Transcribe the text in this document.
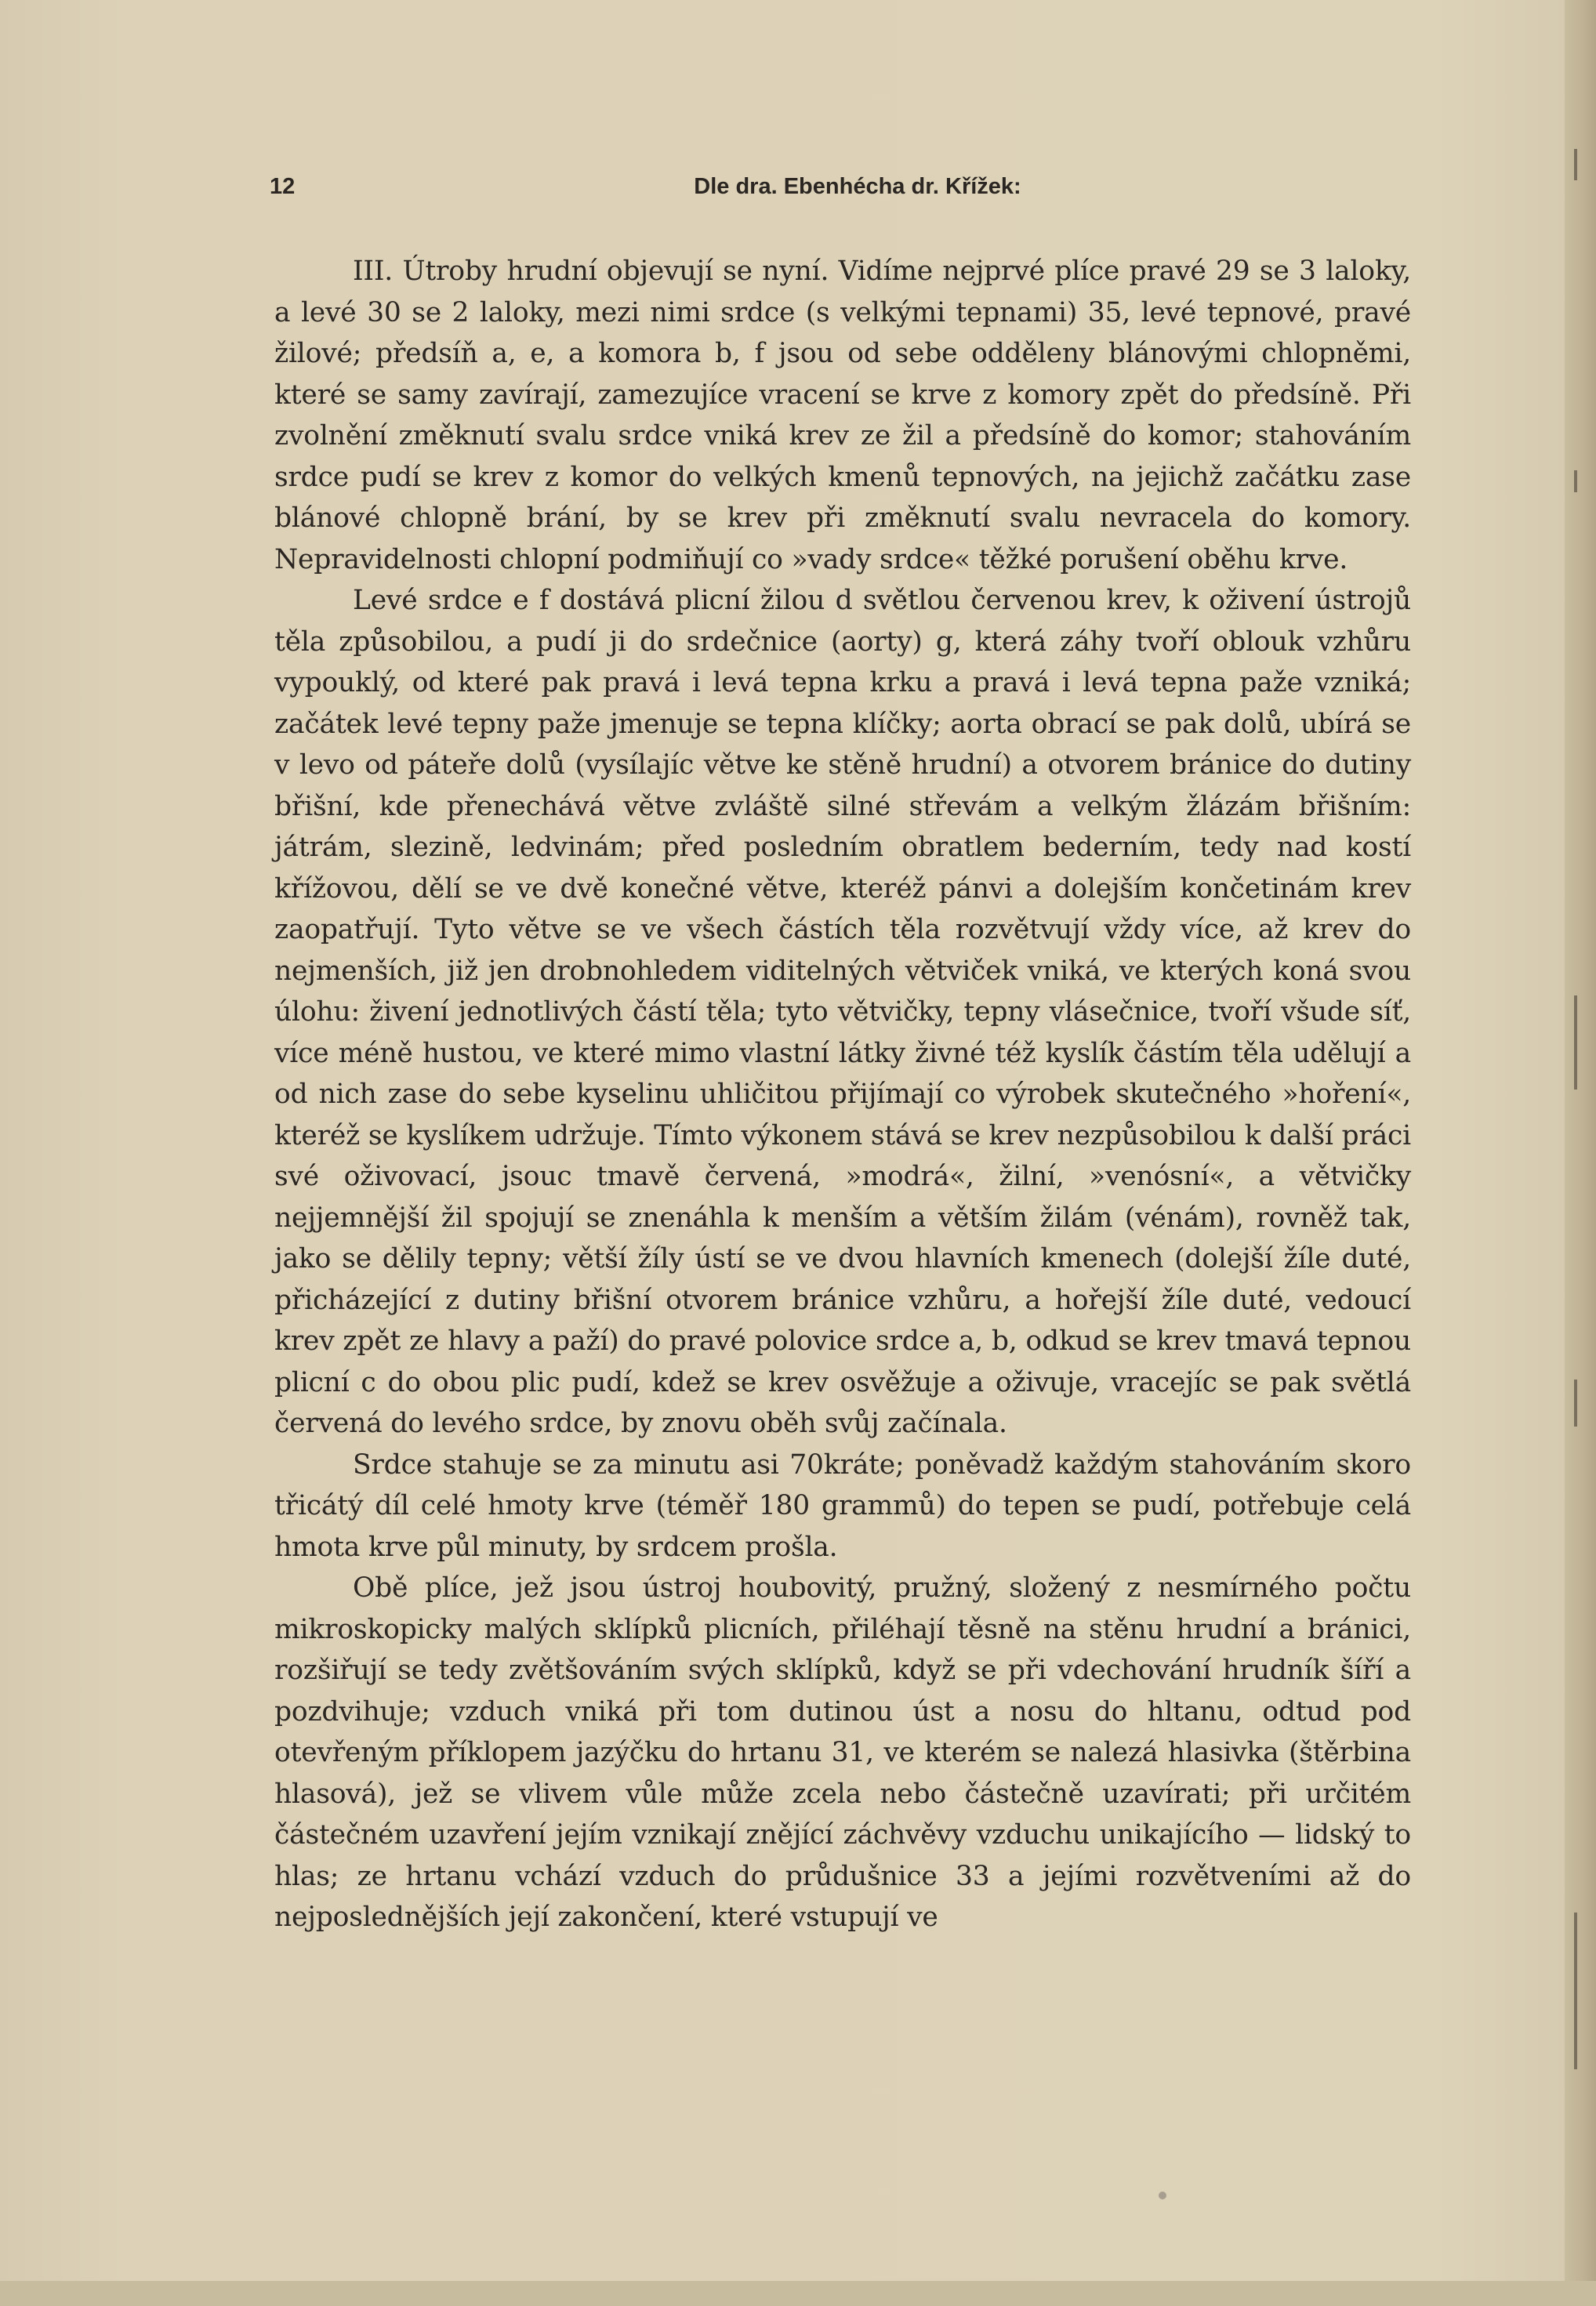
12	Dle dra. Ebenhécha dr. Křížek:

III. Útroby hrudní objevují se nyní. Vidíme nejprvé plíce pravé 29 se 3 laloky, a levé 30 se 2 laloky, mezi nimi srdce (s velkými tepnami) 35, levé tepnové, pravé žilové; předsíň a, e, a komora b, f jsou od sebe odděleny blánovými chlopněmi, které se samy zavírají, zamezujíce vracení se krve z komory zpět do předsíně. Při zvolnění změknutí svalu srdce vniká krev ze žil a předsíně do komor; stahováním srdce pudí se krev z komor do velkých kmenů tepnových, na jejichž začátku zase blánové chlopně brání, by se krev při změknutí svalu nevracela do komory. Nepravidelnosti chlopní podmiňují co »vady srdce« těžké porušení oběhu krve.

Levé srdce e f dostává plicní žilou d světlou červenou krev, k oživení ústrojů těla způsobilou, a pudí ji do srdečnice (aorty) g, která záhy tvoří oblouk vzhůru vypouklý, od které pak pravá i levá tepna krku a pravá i levá tepna paže vzniká; začátek levé tepny paže jmenuje se tepna klíčky; aorta obrací se pak dolů, ubírá se v levo od páteře dolů (vysílajíc větve ke stěně hrudní) a otvorem bránice do dutiny břišní, kde přenechává větve zvláště silné střevám a velkým žlázám břišním: játrám, slezině, ledvinám; před posledním obratlem bederním, tedy nad kostí křížovou, dělí se ve dvě konečné větve, kteréž pánvi a dolejším končetinám krev zaopatřují. Tyto větve se ve všech částích těla rozvětvují vždy více, až krev do nejmenších, již jen drobnohledem viditelných větviček vniká, ve kterých koná svou úlohu: živení jednotlivých částí těla; tyto větvičky, tepny vlásečnice, tvoří všude síť, více méně hustou, ve které mimo vlastní látky živné též kyslík částím těla udělují a od nich zase do sebe kyselinu uhličitou přijímají co výrobek skutečného »hoření«, kteréž se kyslíkem udržuje. Tímto výkonem stává se krev nezpůsobilou k další práci své oživovací, jsouc tmavě červená, »modrá«, žilní, »venósní«, a větvičky nejjemnější žil spojují se znenáhla k menším a větším žilám (vénám), rovněž tak, jako se dělily tepny; větší žíly ústí se ve dvou hlavních kmenech (dolejší žíle duté, přicházející z dutiny břišní otvorem bránice vzhůru, a hořejší žíle duté, vedoucí krev zpět ze hlavy a paží) do pravé polovice srdce a, b, odkud se krev tmavá tepnou plicní c do obou plic pudí, kdež se krev osvěžuje a oživuje, vracejíc se pak světlá červená do levého srdce, by znovu oběh svůj začínala.

Srdce stahuje se za minutu asi 70kráte; poněvadž každým stahováním skoro třicátý díl celé hmoty krve (téměř 180 grammů) do tepen se pudí, potřebuje celá hmota krve půl minuty, by srdcem prošla.

Obě plíce, jež jsou ústroj houbovitý, pružný, složený z nesmírného počtu mikroskopicky malých sklípků plicních, přiléhají těsně na stěnu hrudní a bránici, rozšiřují se tedy zvětšováním svých sklípků, když se při vdechování hrudník šíří a pozdvihuje; vzduch vniká při tom dutinou úst a nosu do hltanu, odtud pod otevřeným příklopem jazýčku do hrtanu 31, ve kterém se nalezá hlasivka (štěrbina hlasová), jež se vlivem vůle může zcela nebo částečně uzavírati; při určitém částečném uzavření jejím vznikají znějící záchvěvy vzduchu unikajícího — lidský to hlas; ze hrtanu vchází vzduch do průdušnice 33 a jejími rozvětveními až do nejposlednějších její zakončení, které vstupují ve
